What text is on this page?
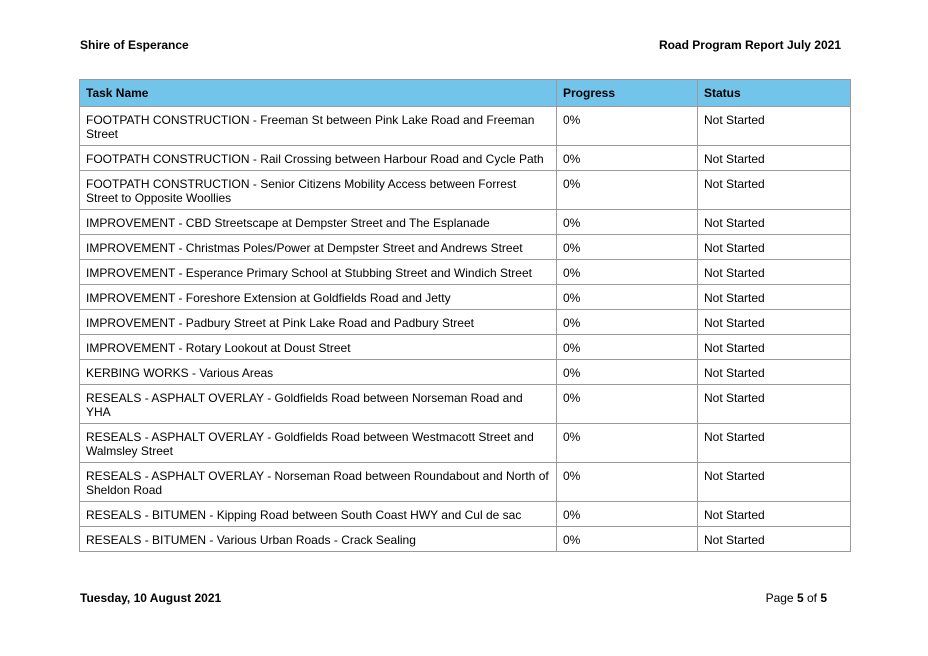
Shire of Esperance	Road Program Report July 2021
Task Name	Progress	Status
FOOTPATH CONSTRUCTION - Freeman St between Pink Lake Road and Freeman Street	0%	Not Started
FOOTPATH CONSTRUCTION - Rail Crossing between Harbour Road and Cycle Path	0%	Not Started
FOOTPATH CONSTRUCTION - Senior Citizens Mobility Access between Forrest Street to Opposite Woollies	0%	Not Started
IMPROVEMENT - CBD Streetscape at Dempster Street and The Esplanade	0%	Not Started
IMPROVEMENT - Christmas Poles/Power at Dempster Street and Andrews Street	0%	Not Started
IMPROVEMENT - Esperance Primary School at Stubbing Street and Windich Street	0%	Not Started
IMPROVEMENT - Foreshore Extension at Goldfields Road and Jetty	0%	Not Started
IMPROVEMENT - Padbury Street at Pink Lake Road and Padbury Street	0%	Not Started
IMPROVEMENT - Rotary Lookout at Doust Street	0%	Not Started
KERBING WORKS - Various Areas	0%	Not Started
RESEALS - ASPHALT OVERLAY - Goldfields Road between Norseman Road and YHA	0%	Not Started
RESEALS - ASPHALT OVERLAY - Goldfields Road between Westmacott Street and Walmsley Street	0%	Not Started
RESEALS - ASPHALT OVERLAY - Norseman Road between Roundabout and North of Sheldon Road	0%	Not Started
RESEALS - BITUMEN - Kipping Road between South Coast HWY and Cul de sac	0%	Not Started
RESEALS - BITUMEN - Various Urban Roads - Crack Sealing	0%	Not Started
Tuesday, 10 August 2021	Page 5 of 5
